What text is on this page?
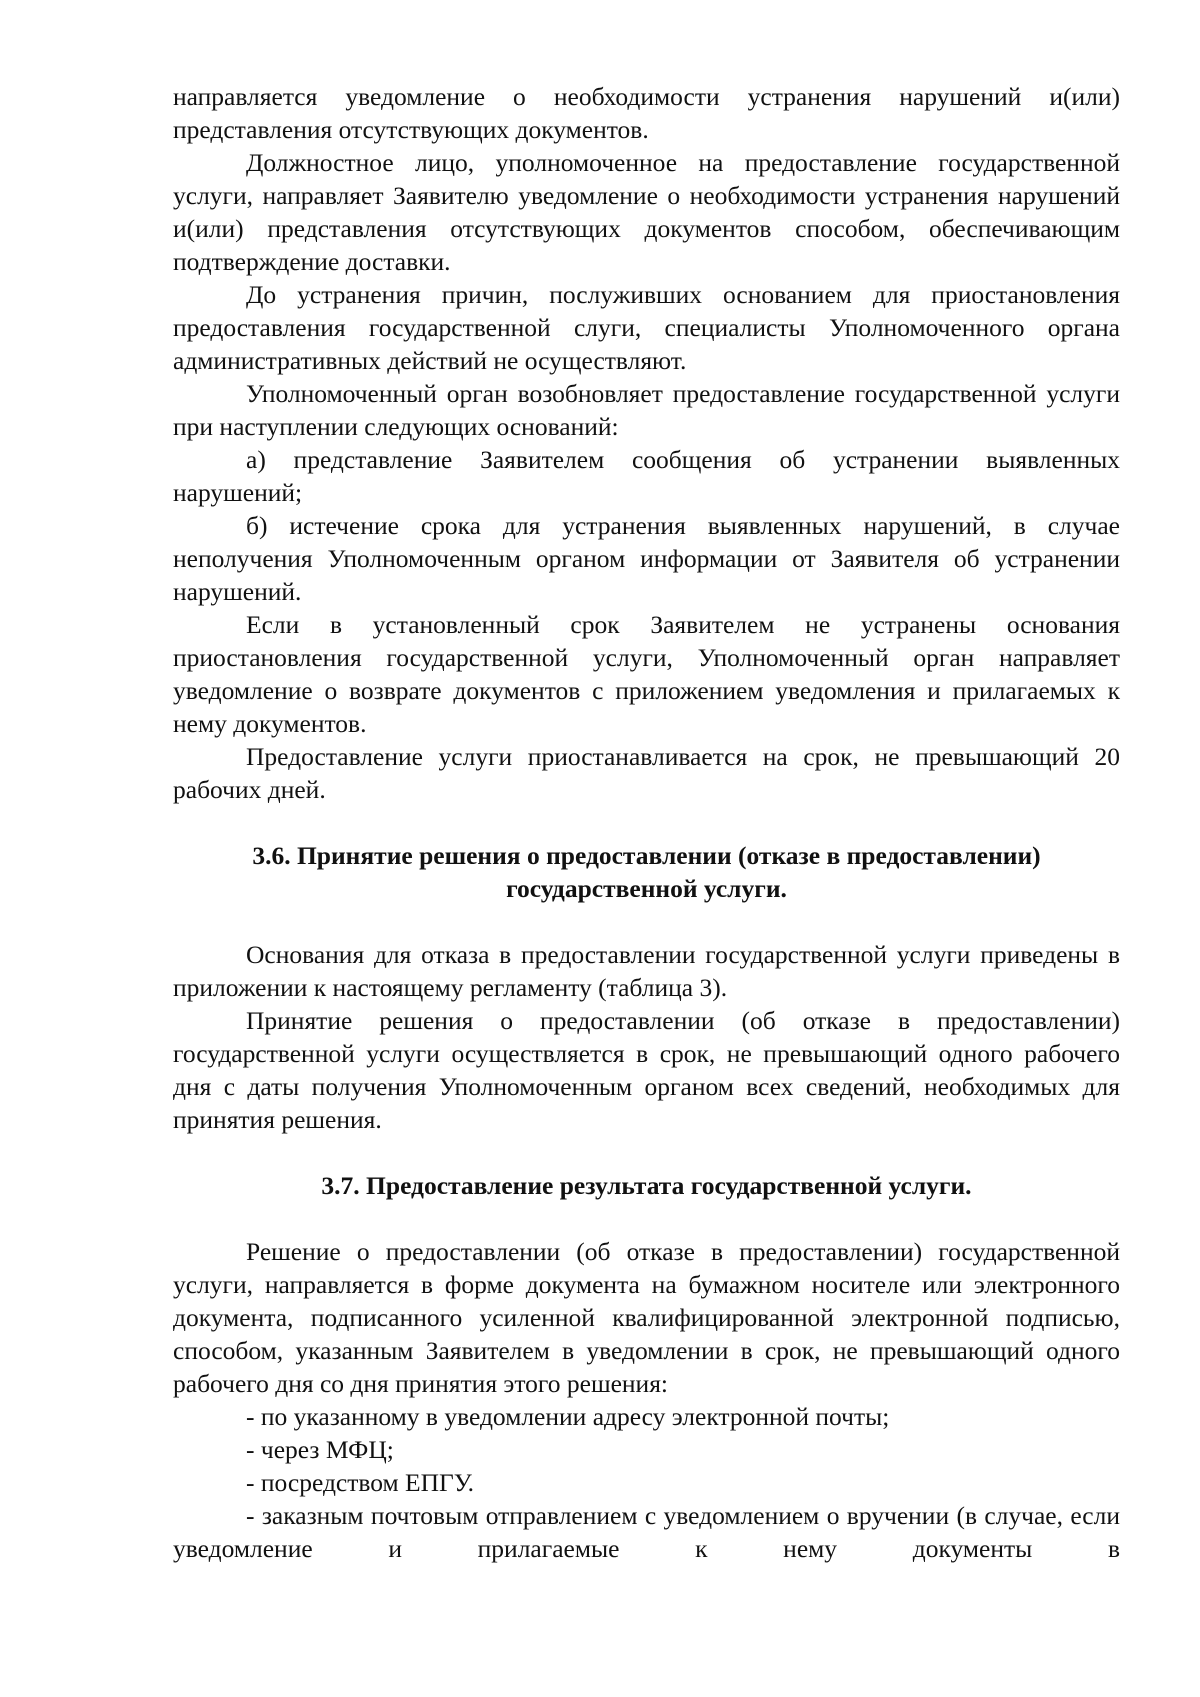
направляется уведомление о необходимости устранения нарушений и(или) представления отсутствующих документов.

Должностное лицо, уполномоченное на предоставление государственной услуги, направляет Заявителю уведомление о необходимости устранения нарушений и(или) представления отсутствующих документов способом, обеспечивающим подтверждение доставки.

До устранения причин, послуживших основанием для приостановления предоставления государственной слуги, специалисты Уполномоченного органа административных действий не осуществляют.

Уполномоченный орган возобновляет предоставление государственной услуги при наступлении следующих оснований:

а) представление Заявителем сообщения об устранении выявленных нарушений;

б) истечение срока для устранения выявленных нарушений, в случае неполучения Уполномоченным органом информации от Заявителя об устранении нарушений.

Если в установленный срок Заявителем не устранены основания приостановления государственной услуги, Уполномоченный орган направляет уведомление о возврате документов с приложением уведомления и прилагаемых к нему документов.

Предоставление услуги приостанавливается на срок, не превышающий 20 рабочих дней.

3.6. Принятие решения о предоставлении (отказе в предоставлении)
государственной услуги.

Основания для отказа в предоставлении государственной услуги приведены в приложении к настоящему регламенту (таблица 3).

Принятие решения о предоставлении (об отказе в предоставлении) государственной услуги осуществляется в срок, не превышающий одного рабочего дня с даты получения Уполномоченным органом всех сведений, необходимых для принятия решения.

3.7. Предоставление результата государственной услуги.

Решение о предоставлении (об отказе в предоставлении) государственной услуги, направляется в форме документа на бумажном носителе или электронного документа, подписанного усиленной квалифицированной электронной подписью, способом, указанным Заявителем в уведомлении в срок, не превышающий одного рабочего дня со дня принятия этого решения:

- по указанному в уведомлении адресу электронной почты;

- через МФЦ;

- посредством ЕПГУ.

- заказным почтовым отправлением с уведомлением о вручении (в случае, если уведомление и прилагаемые к нему документы в
